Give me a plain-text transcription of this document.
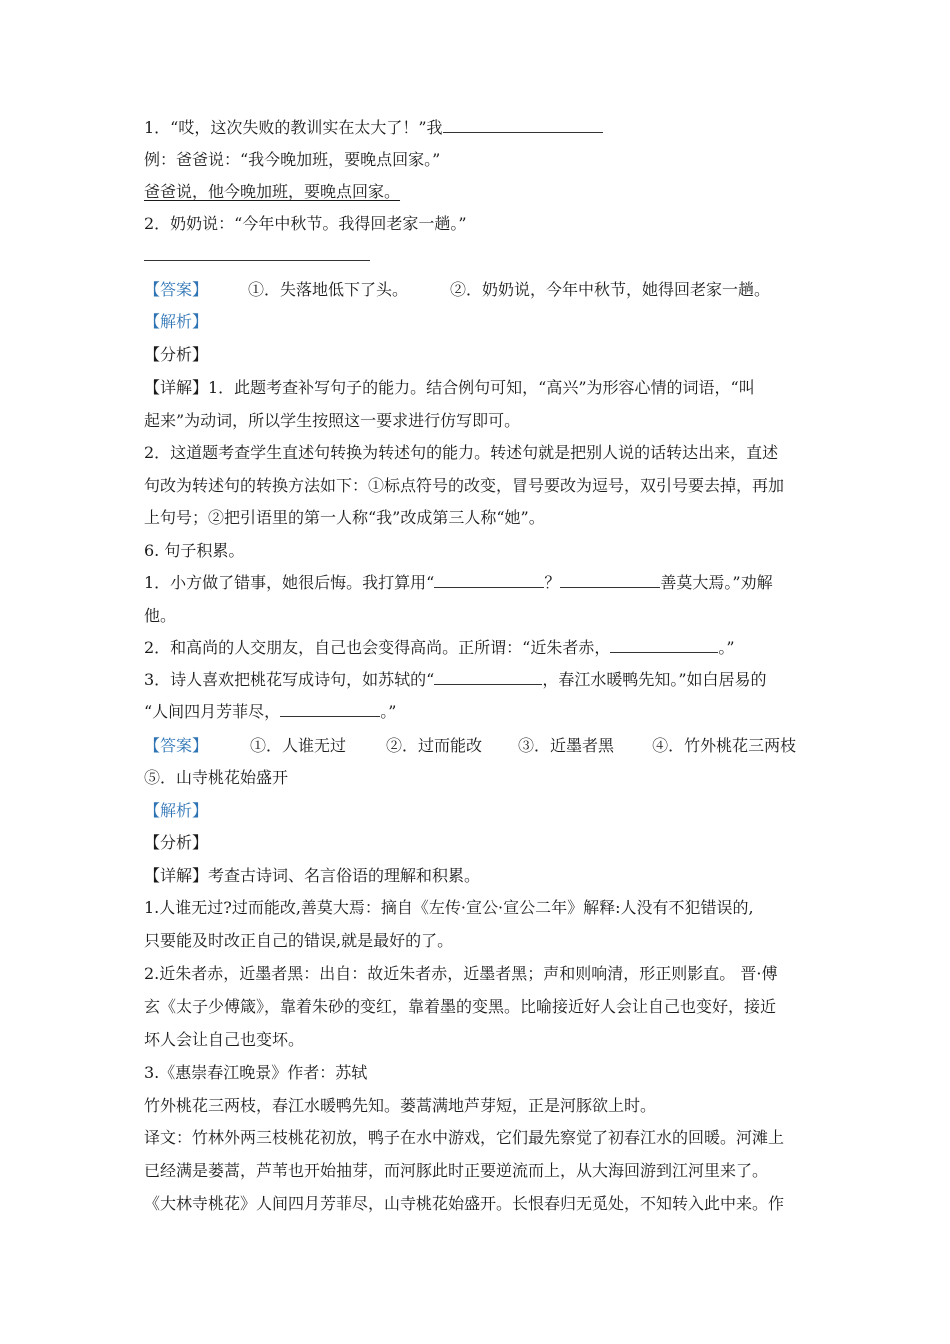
1．“哎，这次失败的教训实在太大了！”我
例：爸爸说：“我今晚加班，要晚点回家。”
爸爸说，他今晚加班，要晚点回家。
2．奶奶说：“今年中秋节。我得回老家一趟。”
【答案】	①．失落地低下了头。	②．奶奶说，今年中秋节，她得回老家一趟。
【解析】
【分析】
【详解】1．此题考查补写句子的能力。结合例句可知，“高兴”为形容心情的词语，“叫
起来”为动词，所以学生按照这一要求进行仿写即可。
2．这道题考查学生直述句转换为转述句的能力。转述句就是把别人说的话转达出来，直述
句改为转述句的转换方法如下：①标点符号的改变，冒号要改为逗号，双引号要去掉，再加
上句号；②把引语里的第一人称“我”改成第三人称“她”。
6. 句子积累。
1．小方做了错事，她很后悔。我打算用“	？	善莫大焉。”劝解
他。
2．和高尚的人交朋友，自己也会变得高尚。正所谓：“近朱者赤，	。”
3．诗人喜欢把桃花写成诗句，如苏轼的“	，春江水暖鸭先知。”如白居易的
“人间四月芳菲尽，	。”
【答案】	①．人谁无过	②．过而能改 ③．近墨者黑 ④．竹外桃花三两枝
⑤．山寺桃花始盛开
【解析】
【分析】
【详解】考查古诗词、名言俗语的理解和积累。
1.人谁无过?过而能改,善莫大焉：摘自《左传·宣公·宣公二年》解释:人没有不犯错误的,
只要能及时改正自己的错误,就是最好的了。
2.近朱者赤，近墨者黑：出自：故近朱者赤，近墨者黑；声和则响清，形正则影直。 晋·傅
玄《太子少傅箴》，靠着朱砂的变红，靠着墨的变黑。比喻接近好人会让自己也变好，接近
坏人会让自己也变坏。
3.《惠崇春江晚景》作者：苏轼
竹外桃花三两枝，春江水暖鸭先知。蒌蒿满地芦芽短，正是河豚欲上时。
译文：竹林外两三枝桃花初放，鸭子在水中游戏，它们最先察觉了初春江水的回暖。河滩上
已经满是蒌蒿，芦苇也开始抽芽，而河豚此时正要逆流而上，从大海回游到江河里来了。
《大林寺桃花》人间四月芳菲尽，山寺桃花始盛开。长恨春归无觅处，不知转入此中来。作
